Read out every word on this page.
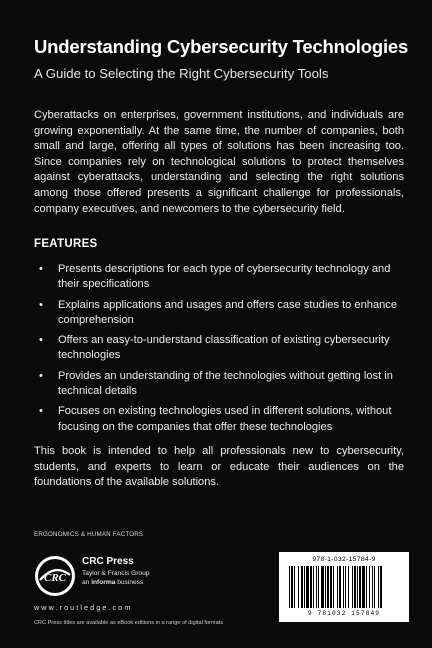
Understanding Cybersecurity Technologies
A Guide to Selecting the Right Cybersecurity Tools

Cyberattacks on enterprises, government institutions, and individuals are growing exponentially. At the same time, the number of companies, both small and large, offering all types of solutions has been increasing too. Since companies rely on technological solutions to protect themselves against cyberattacks, understanding and selecting the right solutions among those offered presents a significant challenge for professionals, company executives, and newcomers to the cybersecurity field.

FEATURES
• Presents descriptions for each type of cybersecurity technology and their specifications
• Explains applications and usages and offers case studies to enhance comprehension
• Offers an easy-to-understand classification of existing cybersecurity technologies
• Provides an understanding of the technologies without getting lost in technical details
• Focuses on existing technologies used in different solutions, without focusing on the companies that offer these technologies

This book is intended to help all professionals new to cybersecurity, students, and experts to learn or educate their audiences on the foundations of the available solutions.

ERGONOMICS & HUMAN FACTORS
CRC
CRC Press
Taylor & Francis Group
an informa business
www.routledge.com
CRC Press titles are available as eBook editions in a range of digital formats
978-1-032-15784-9
9 781032 157849
